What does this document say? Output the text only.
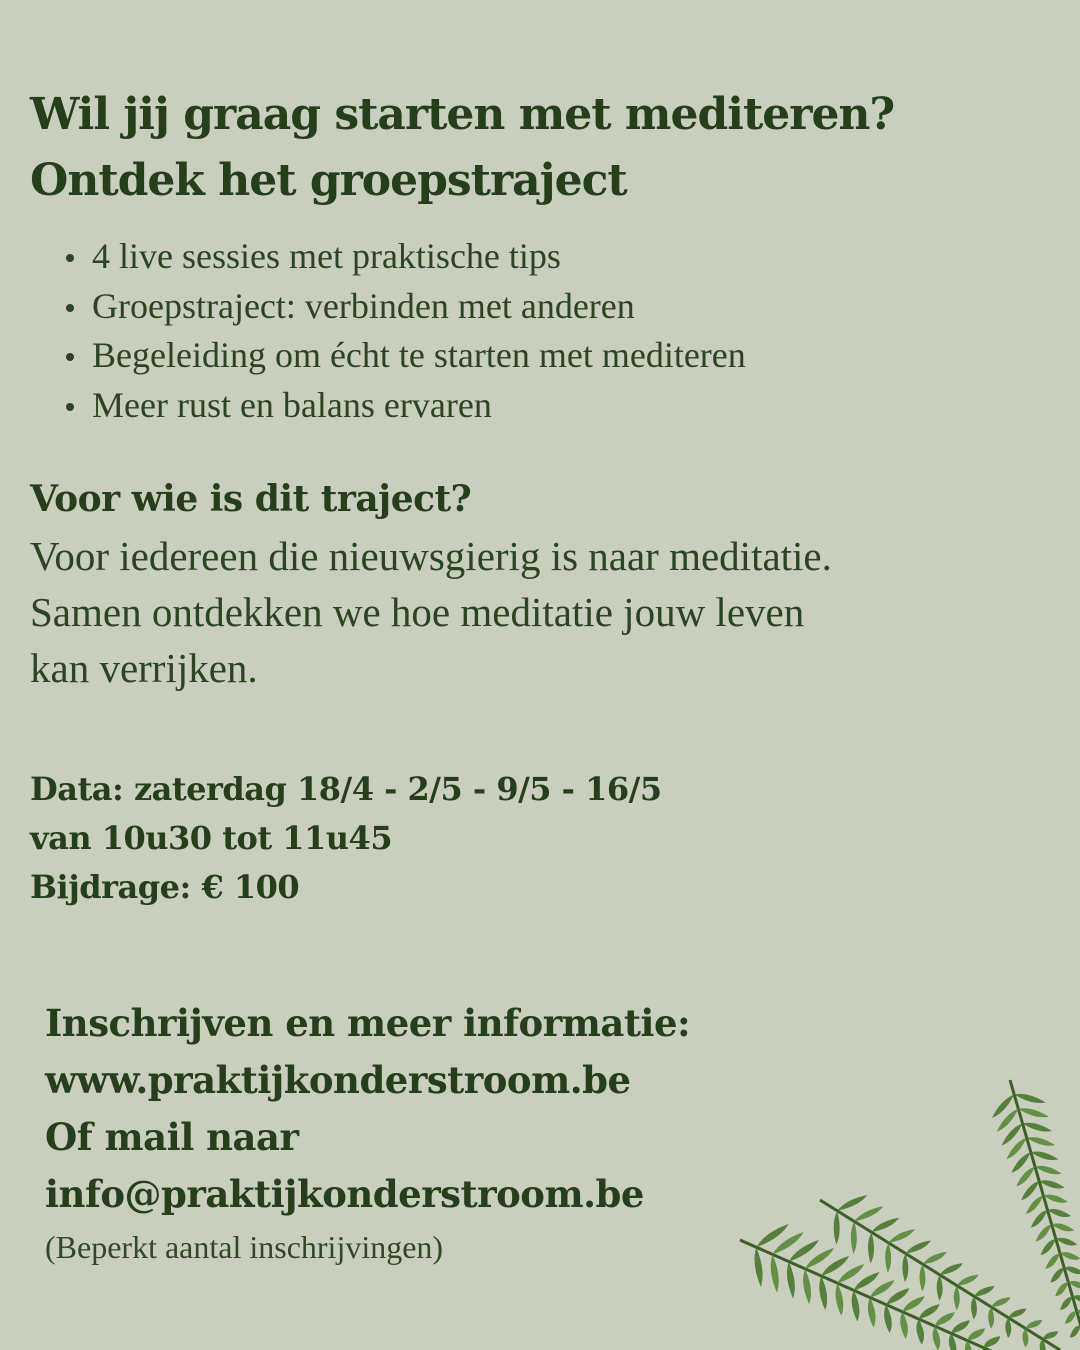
Wil jij graag starten met mediteren?
Ontdek het groepstraject
4 live sessies met praktische tips
Groepstraject: verbinden met anderen
Begeleiding om écht te starten met mediteren
Meer rust en balans ervaren
Voor wie is dit traject?

Voor iedereen die nieuwsgierig is naar meditatie.
Samen ontdekken we hoe meditatie jouw leven
kan verrijken.

Data: zaterdag 18/4 - 2/5 - 9/5 - 16/5
van 10u30 tot 11u45
Bijdrage: € 100

Inschrijven en meer informatie:
www.praktijkonderstroom.be
Of mail naar
info@praktijkonderstroom.be

(Beperkt aantal inschrijvingen)
